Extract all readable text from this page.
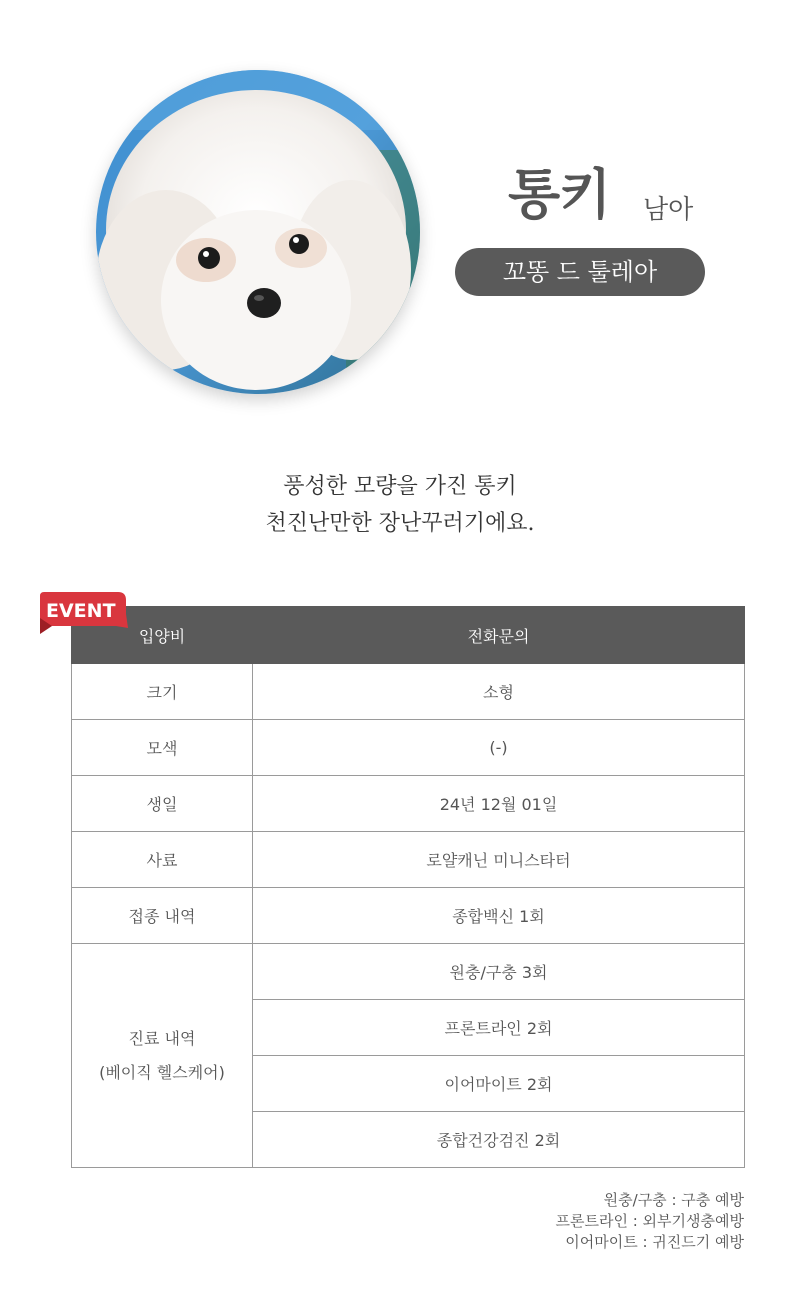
통키 남아
꼬똥 드 툴레아
풍성한 모량을 가진 통키
천진난만한 장난꾸러기에요.
EVENT
입양비	전화문의
크기	소형
모색	(-)
생일	24년 12월 01일
사료	로얄캐닌 미니스타터
접종 내역	종합백신 1회

진료 내역
(베이직 헬스케어)	원충/구충 3회
	프론트라인 2회
	이어마이트 2회
	종합건강검진 2회
원충/구충 : 구충 예방
프론트라인 : 외부기생충예방
이어마이트 : 귀진드기 예방
